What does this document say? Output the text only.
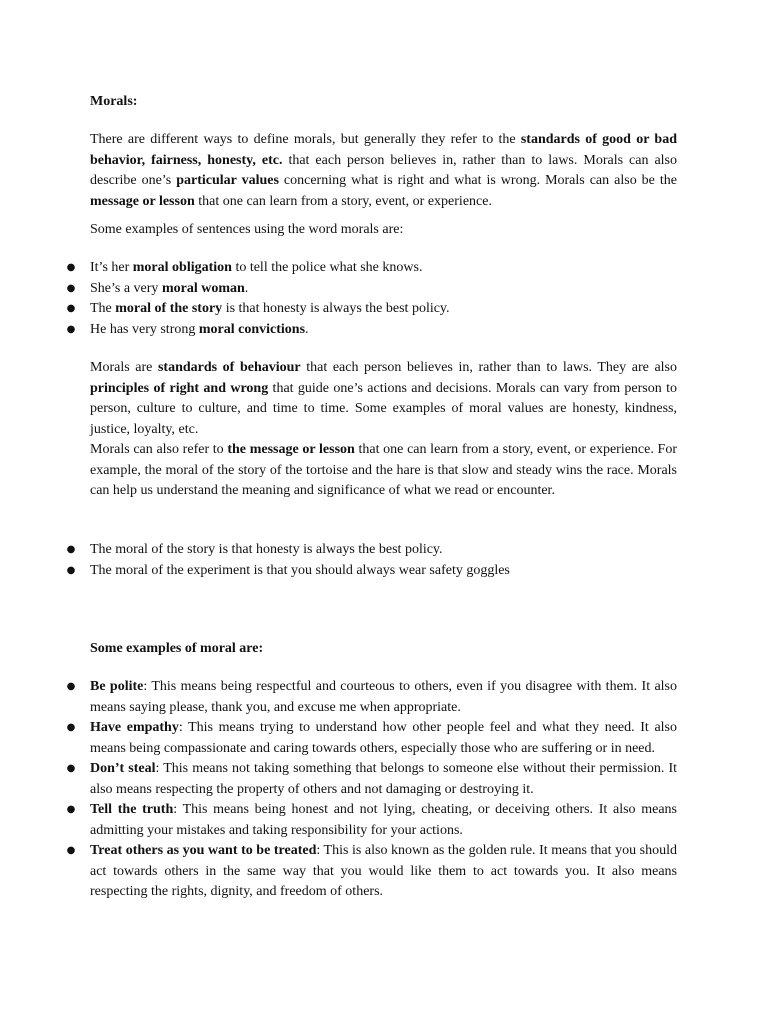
Morals:
There are different ways to define morals, but generally they refer to the standards of good or bad behavior, fairness, honesty, etc. that each person believes in, rather than to laws. Morals can also describe one’s particular values concerning what is right and what is wrong. Morals can also be the message or lesson that one can learn from a story, event, or experience.
Some examples of sentences using the word morals are:
● It’s her moral obligation to tell the police what she knows.
● She’s a very moral woman.
● The moral of the story is that honesty is always the best policy.
● He has very strong moral convictions.
Morals are standards of behaviour that each person believes in, rather than to laws. They are also principles of right and wrong that guide one’s actions and decisions. Morals can vary from person to person, culture to culture, and time to time. Some examples of moral values are honesty, kindness, justice, loyalty, etc.
Morals can also refer to the message or lesson that one can learn from a story, event, or experience. For example, the moral of the story of the tortoise and the hare is that slow and steady wins the race. Morals can help us understand the meaning and significance of what we read or encounter.
● The moral of the story is that honesty is always the best policy.
● The moral of the experiment is that you should always wear safety goggles
Some examples of moral are:
● Be polite: This means being respectful and courteous to others, even if you disagree with them. It also means saying please, thank you, and excuse me when appropriate.
● Have empathy: This means trying to understand how other people feel and what they need. It also means being compassionate and caring towards others, especially those who are suffering or in need.
● Don’t steal: This means not taking something that belongs to someone else without their permission. It also means respecting the property of others and not damaging or destroying it.
● Tell the truth: This means being honest and not lying, cheating, or deceiving others. It also means admitting your mistakes and taking responsibility for your actions.
● Treat others as you want to be treated: This is also known as the golden rule. It means that you should act towards others in the same way that you would like them to act towards you. It also means respecting the rights, dignity, and freedom of others.
